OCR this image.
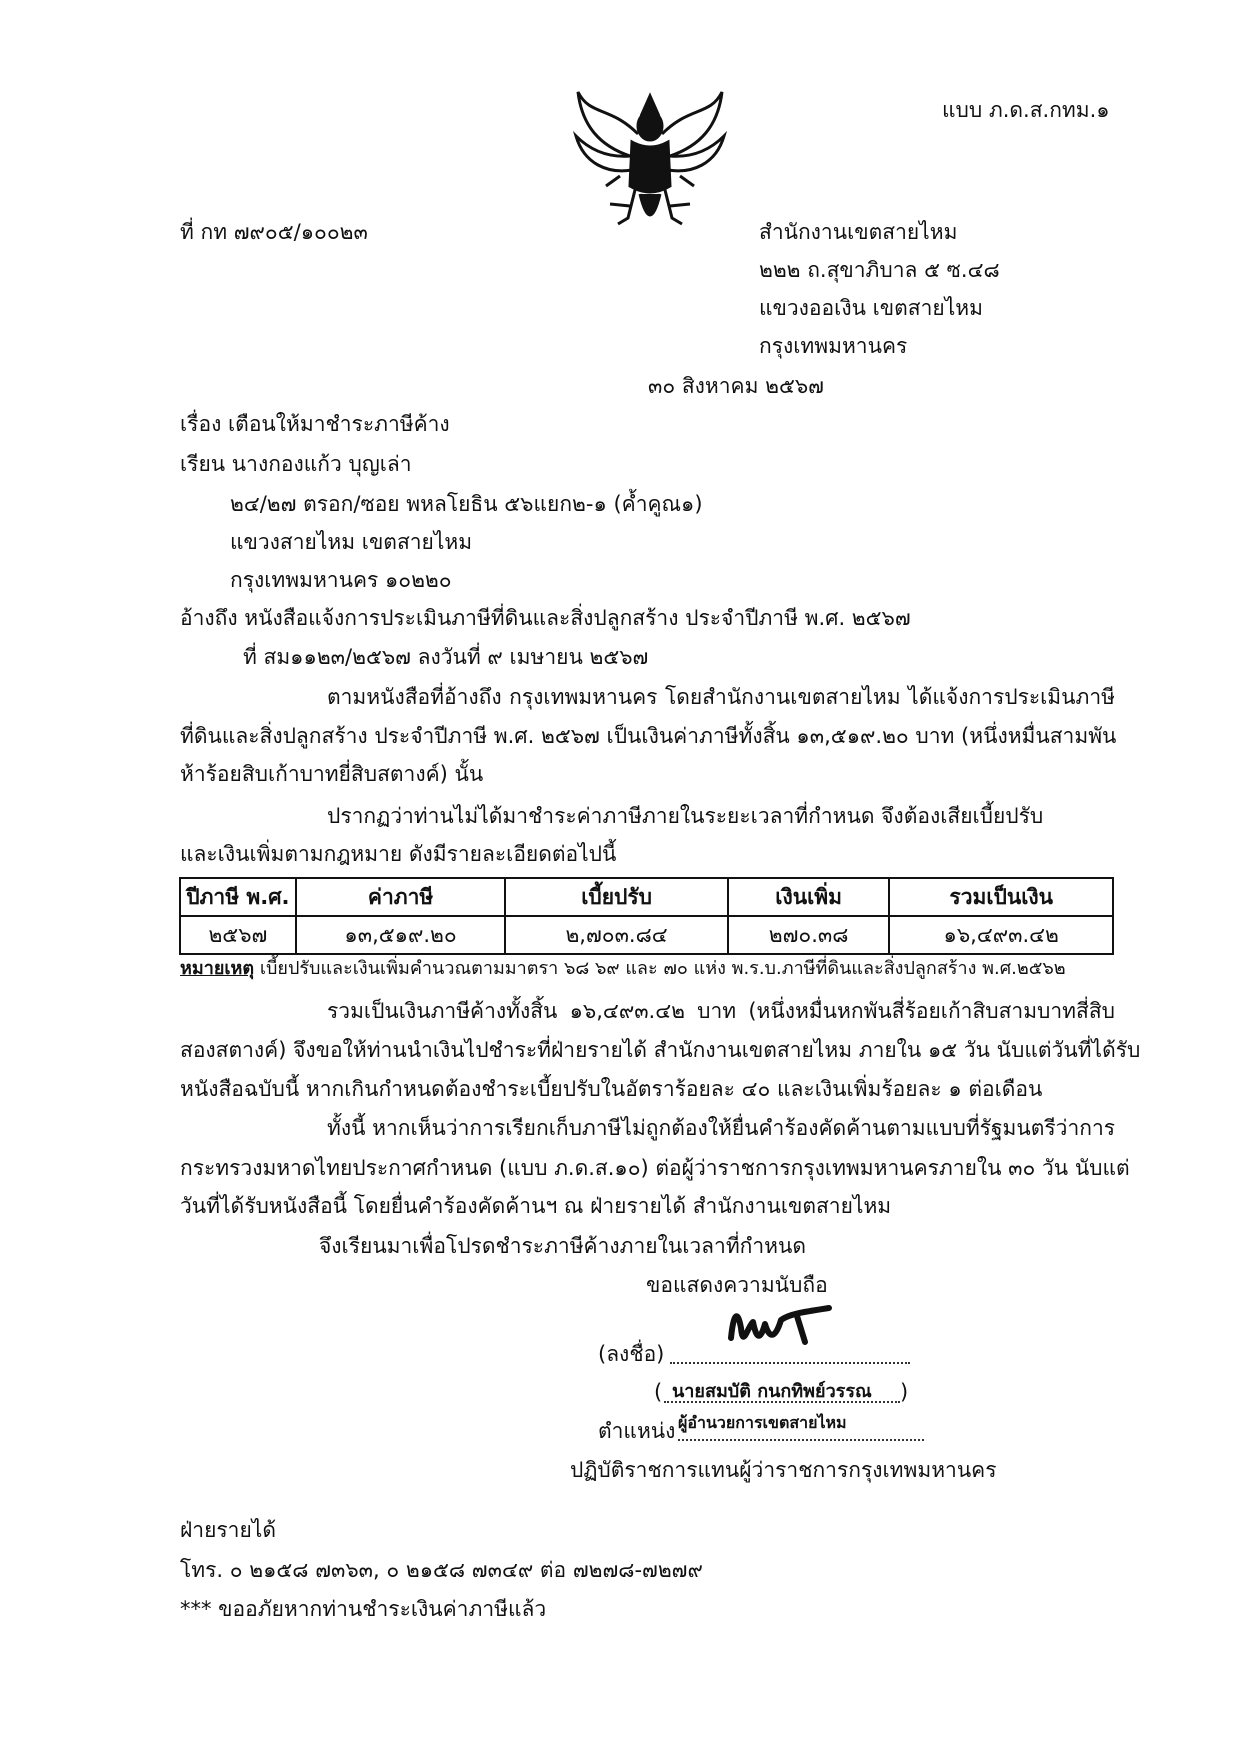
แบบ ภ.ด.ส.กทม.๑
ที่ กท ๗๙๐๕/๑๐๐๒๓	สำนักงานเขตสายไหม
๒๒๒ ถ.สุขาภิบาล ๕ ซ.๔๘
แขวงออเงิน เขตสายไหม
กรุงเทพมหานคร
๓๐ สิงหาคม ๒๕๖๗
เรื่อง เตือนให้มาชำระภาษีค้าง
เรียน นางกองแก้ว บุญเล่า
๒๔/๒๗ ตรอก/ซอย พหลโยธิน ๕๖แยก๒-๑ (ค้ำคูณ๑)
แขวงสายไหม เขตสายไหม
กรุงเทพมหานคร ๑๐๒๒๐
อ้างถึง หนังสือแจ้งการประเมินภาษีที่ดินและสิ่งปลูกสร้าง ประจำปีภาษี พ.ศ. ๒๕๖๗
ที่ สม๑๑๒๓/๒๕๖๗ ลงวันที่ ๙ เมษายน ๒๕๖๗
ตามหนังสือที่อ้างถึง กรุงเทพมหานคร โดยสำนักงานเขตสายไหม ได้แจ้งการประเมินภาษี
ที่ดินและสิ่งปลูกสร้าง ประจำปีภาษี พ.ศ. ๒๕๖๗ เป็นเงินค่าภาษีทั้งสิ้น ๑๓,๕๑๙.๒๐ บาท (หนึ่งหมื่นสามพัน
ห้าร้อยสิบเก้าบาทยี่สิบสตางค์) นั้น
ปรากฏว่าท่านไม่ได้มาชำระค่าภาษีภายในระยะเวลาที่กำหนด จึงต้องเสียเบี้ยปรับ
และเงินเพิ่มตามกฎหมาย ดังมีรายละเอียดต่อไปนี้
ปีภาษี พ.ศ.	ค่าภาษี	เบี้ยปรับ	เงินเพิ่ม	รวมเป็นเงิน
๒๕๖๗	๑๓,๕๑๙.๒๐	๒,๗๐๓.๘๔	๒๗๐.๓๘	๑๖,๔๙๓.๔๒
หมายเหตุ เบี้ยปรับและเงินเพิ่มคำนวณตามมาตรา ๖๘ ๖๙ และ ๗๐ แห่ง พ.ร.บ.ภาษีที่ดินและสิ่งปลูกสร้าง พ.ศ.๒๕๖๒
รวมเป็นเงินภาษีค้างทั้งสิ้น ๑๖,๔๙๓.๔๒ บาท (หนึ่งหมื่นหกพันสี่ร้อยเก้าสิบสามบาทสี่สิบ
สองสตางค์) จึงขอให้ท่านนำเงินไปชำระที่ฝ่ายรายได้ สำนักงานเขตสายไหม ภายใน ๑๕ วัน นับแต่วันที่ได้รับ
หนังสือฉบับนี้ หากเกินกำหนดต้องชำระเบี้ยปรับในอัตราร้อยละ ๔๐ และเงินเพิ่มร้อยละ ๑ ต่อเดือน
ทั้งนี้ หากเห็นว่าการเรียกเก็บภาษีไม่ถูกต้องให้ยื่นคำร้องคัดค้านตามแบบที่รัฐมนตรีว่าการ
กระทรวงมหาดไทยประกาศกำหนด (แบบ ภ.ด.ส.๑๐) ต่อผู้ว่าราชการกรุงเทพมหานครภายใน ๓๐ วัน นับแต่
วันที่ได้รับหนังสือนี้ โดยยื่นคำร้องคัดค้านฯ ณ ฝ่ายรายได้ สำนักงานเขตสายไหม
จึงเรียนมาเพื่อโปรดชำระภาษีค้างภายในเวลาที่กำหนด
ขอแสดงความนับถือ
(ลงชื่อ)
( นายสมบัติ กนกทิพย์วรรณ )
ตำแหน่ง ผู้อำนวยการเขตสายไหม
ปฏิบัติราชการแทนผู้ว่าราชการกรุงเทพมหานคร
ฝ่ายรายได้
โทร. ๐ ๒๑๕๘ ๗๓๖๓, ๐ ๒๑๕๘ ๗๓๔๙ ต่อ ๗๒๗๘-๗๒๗๙
*** ขออภัยหากท่านชำระเงินค่าภาษีแล้ว
